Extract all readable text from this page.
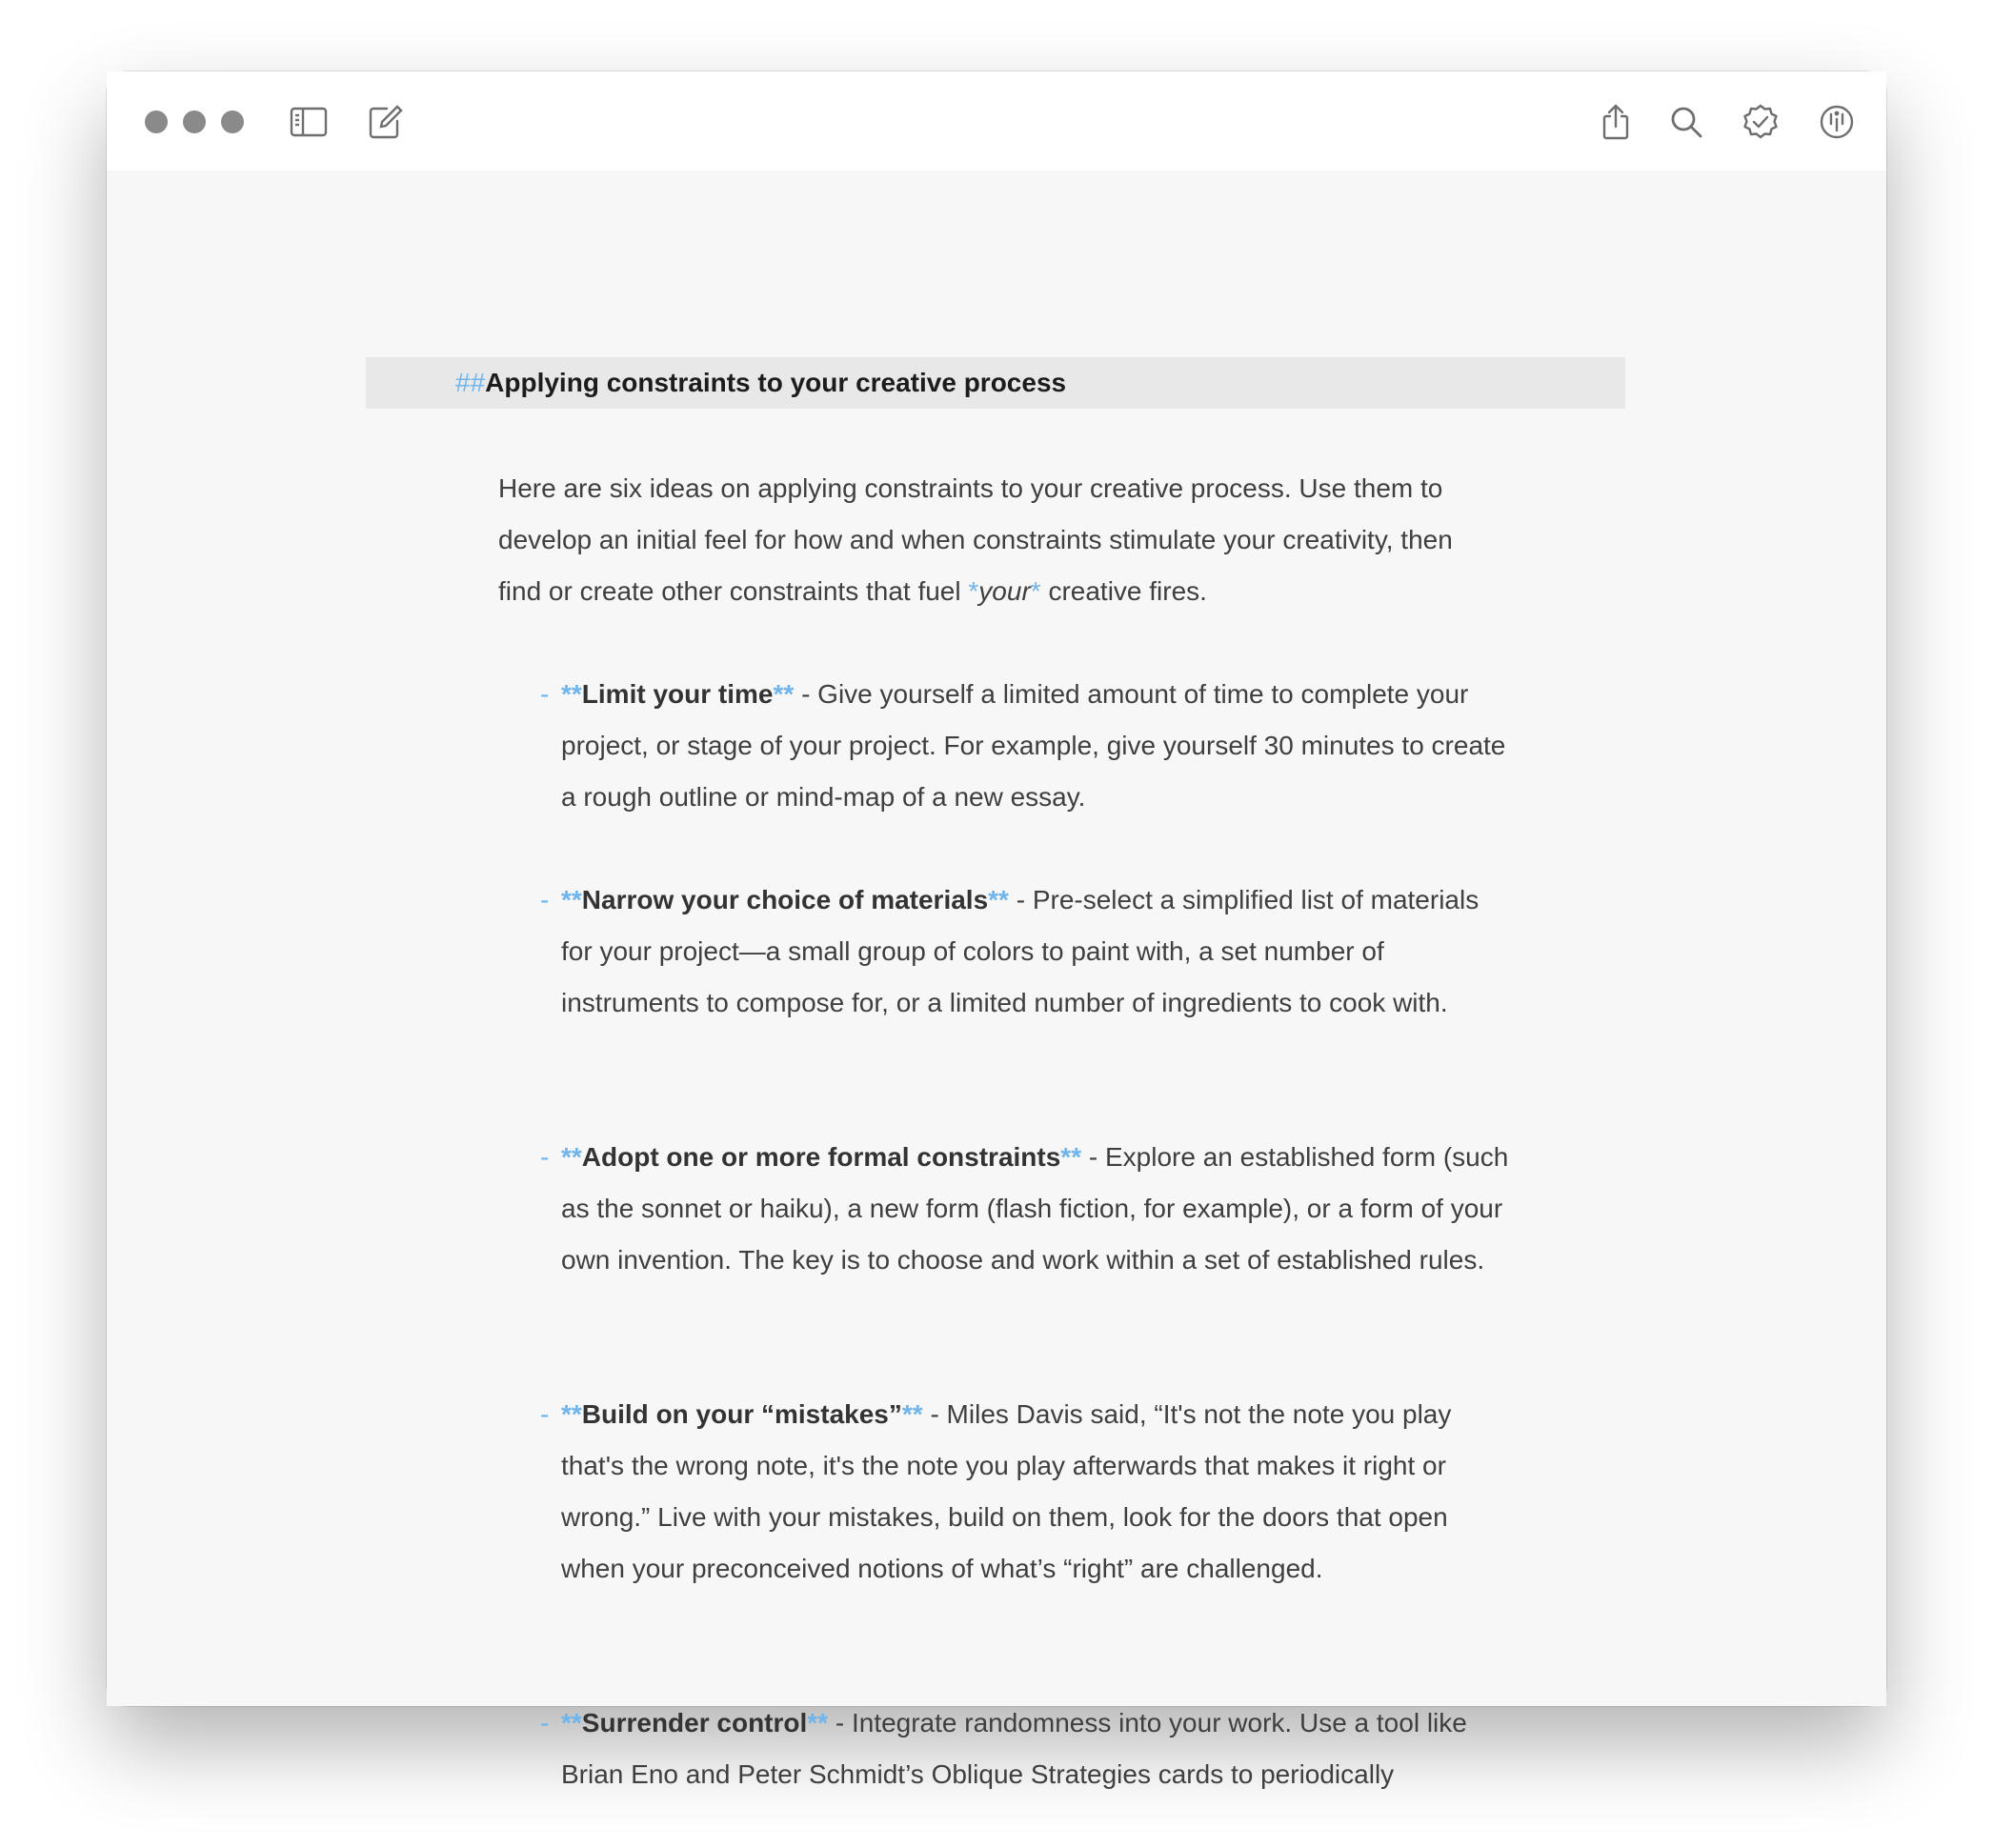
##Applying constraints to your creative process
Here are six ideas on applying constraints to your creative process. Use them to develop an initial feel for how and when constraints stimulate your creativity, then find or create other constraints that fuel *your* creative fires.
- **Limit your time** - Give yourself a limited amount of time to complete your project, or stage of your project. For example, give yourself 30 minutes to create a rough outline or mind-map of a new essay.
- **Narrow your choice of materials** - Pre-select a simplified list of materials for your project—a small group of colors to paint with, a set number of instruments to compose for, or a limited number of ingredients to cook with.
- **Adopt one or more formal constraints** - Explore an established form (such as the sonnet or haiku), a new form (flash fiction, for example), or a form of your own invention. The key is to choose and work within a set of established rules.
- **Build on your “mistakes”** - Miles Davis said, “It's not the note you play that's the wrong note, it's the note you play afterwards that makes it right or wrong.” Live with your mistakes, build on them, look for the doors that open when your preconceived notions of what’s “right” are challenged.
- **Surrender control** - Integrate randomness into your work. Use a tool like Brian Eno and Peter Schmidt’s Oblique Strategies cards to periodically
